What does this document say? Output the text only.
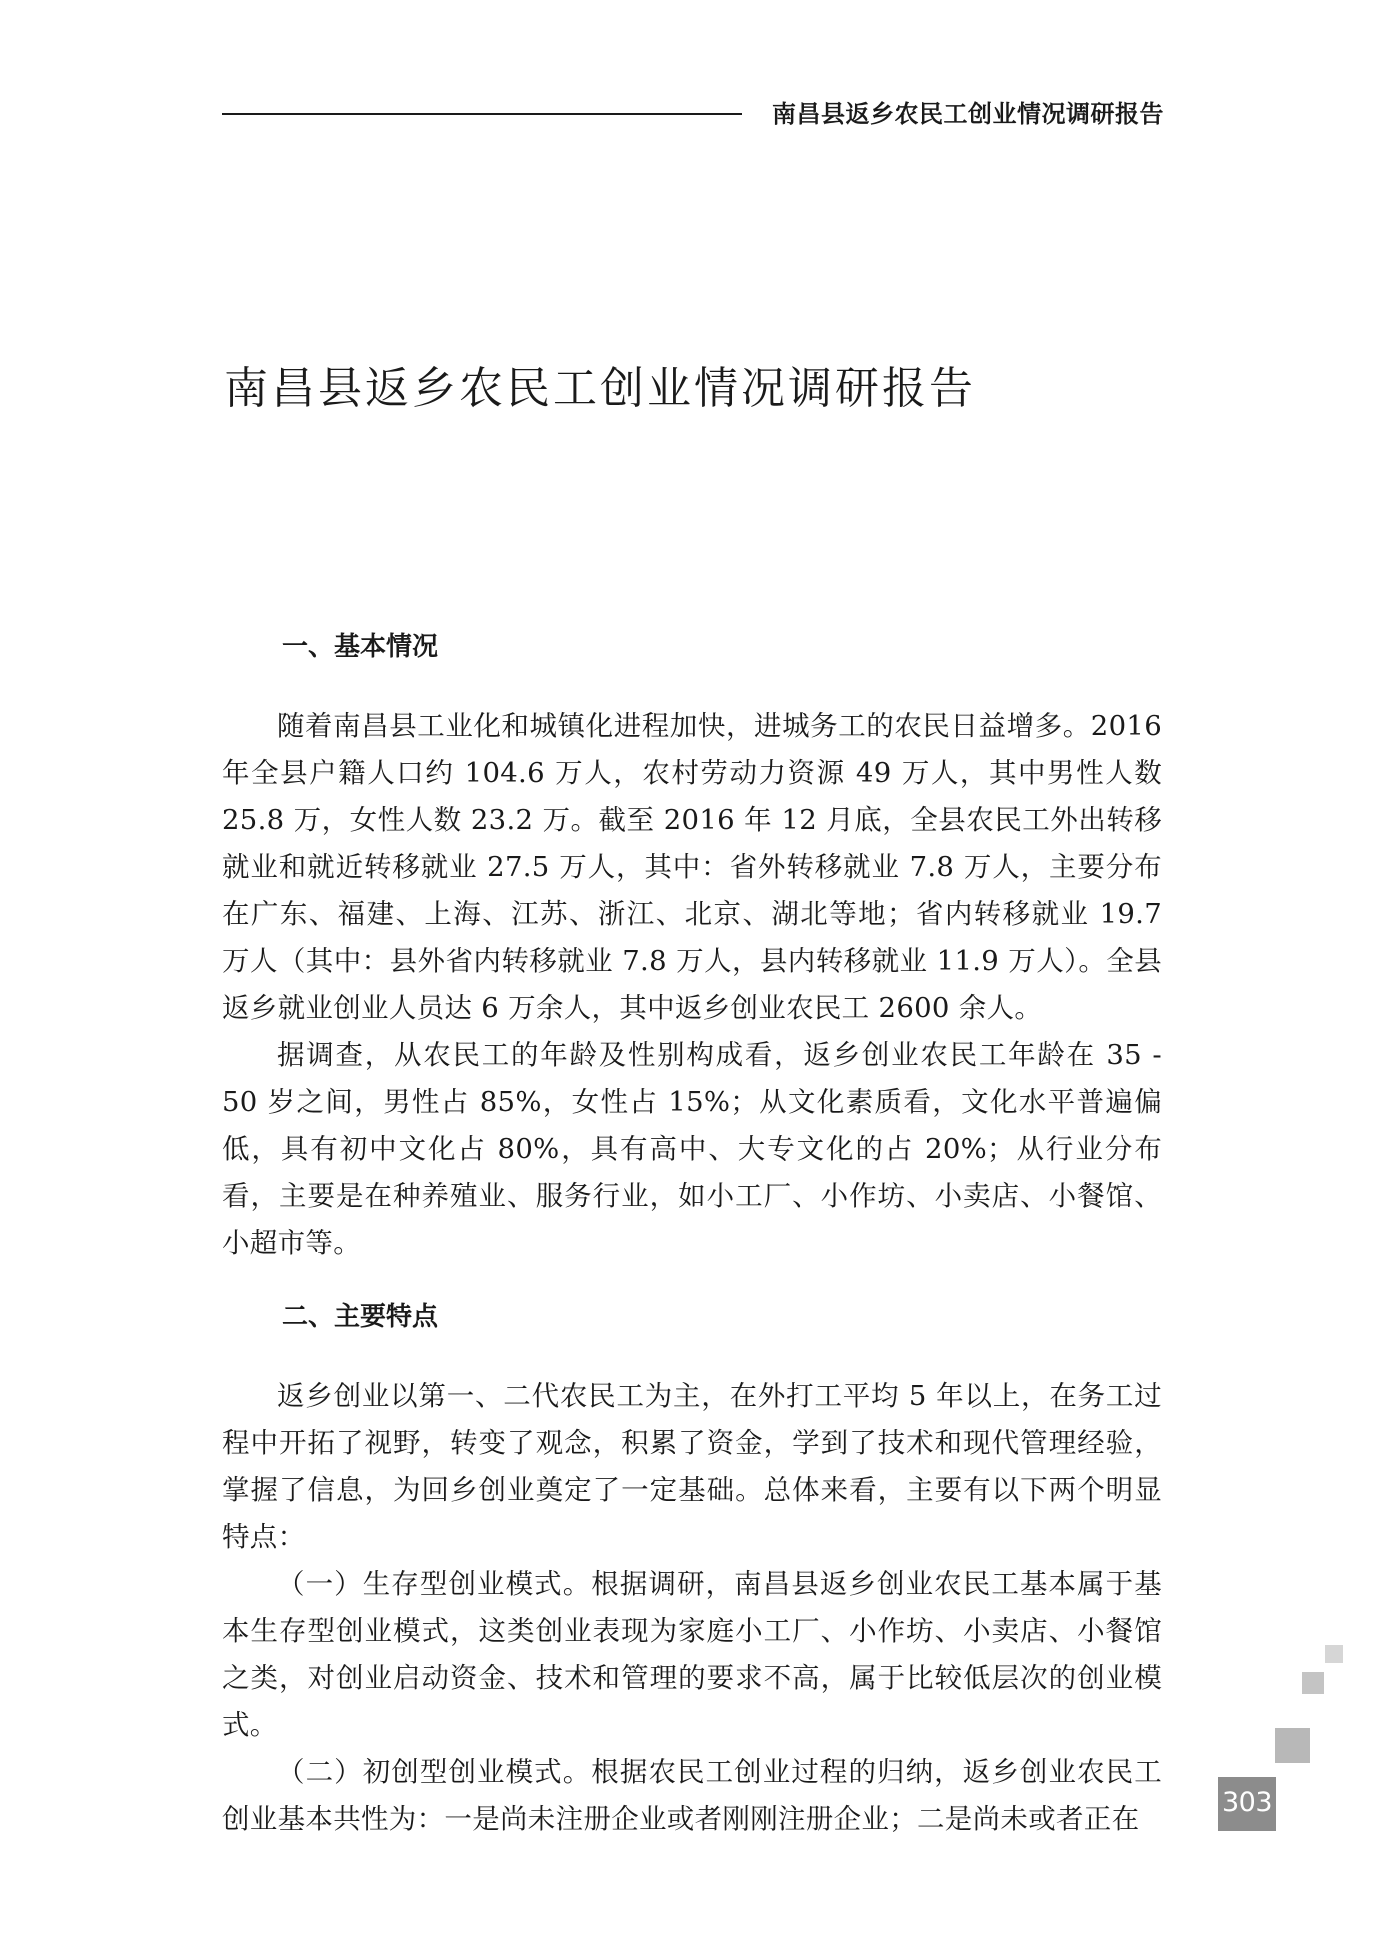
南昌县返乡农民工创业情况调研报告
南昌县返乡农民工创业情况调研报告
一、基本情况

随着南昌县工业化和城镇化进程加快，进城务工的农民日益增多。2016 年全县户籍人口约 104.6 万人，农村劳动力资源 49 万人，其中男性人数 25.8 万，女性人数 23.2 万。截至 2016 年 12 月底，全县农民工外出转移就业和就近转移就业 27.5 万人，其中：省外转移就业 7.8 万人，主要分布在广东、福建、上海、江苏、浙江、北京、湖北等地；省内转移就业 19.7 万人（其中：县外省内转移就业 7.8 万人，县内转移就业 11.9 万人）。全县返乡就业创业人员达 6 万余人，其中返乡创业农民工 2600 余人。

据调查，从农民工的年龄及性别构成看，返乡创业农民工年龄在 35 - 50 岁之间，男性占 85%，女性占 15%；从文化素质看，文化水平普遍偏低，具有初中文化占 80%，具有高中、大专文化的占 20%；从行业分布看，主要是在种养殖业、服务行业，如小工厂、小作坊、小卖店、小餐馆、小超市等。

二、主要特点

返乡创业以第一、二代农民工为主，在外打工平均 5 年以上，在务工过程中开拓了视野，转变了观念，积累了资金，学到了技术和现代管理经验，掌握了信息，为回乡创业奠定了一定基础。总体来看，主要有以下两个明显特点：

（一）生存型创业模式。根据调研，南昌县返乡创业农民工基本属于基本生存型创业模式，这类创业表现为家庭小工厂、小作坊、小卖店、小餐馆之类，对创业启动资金、技术和管理的要求不高，属于比较低层次的创业模式。

（二）初创型创业模式。根据农民工创业过程的归纳，返乡创业农民工创业基本共性为：一是尚未注册企业或者刚刚注册企业；二是尚未或者正在

303
